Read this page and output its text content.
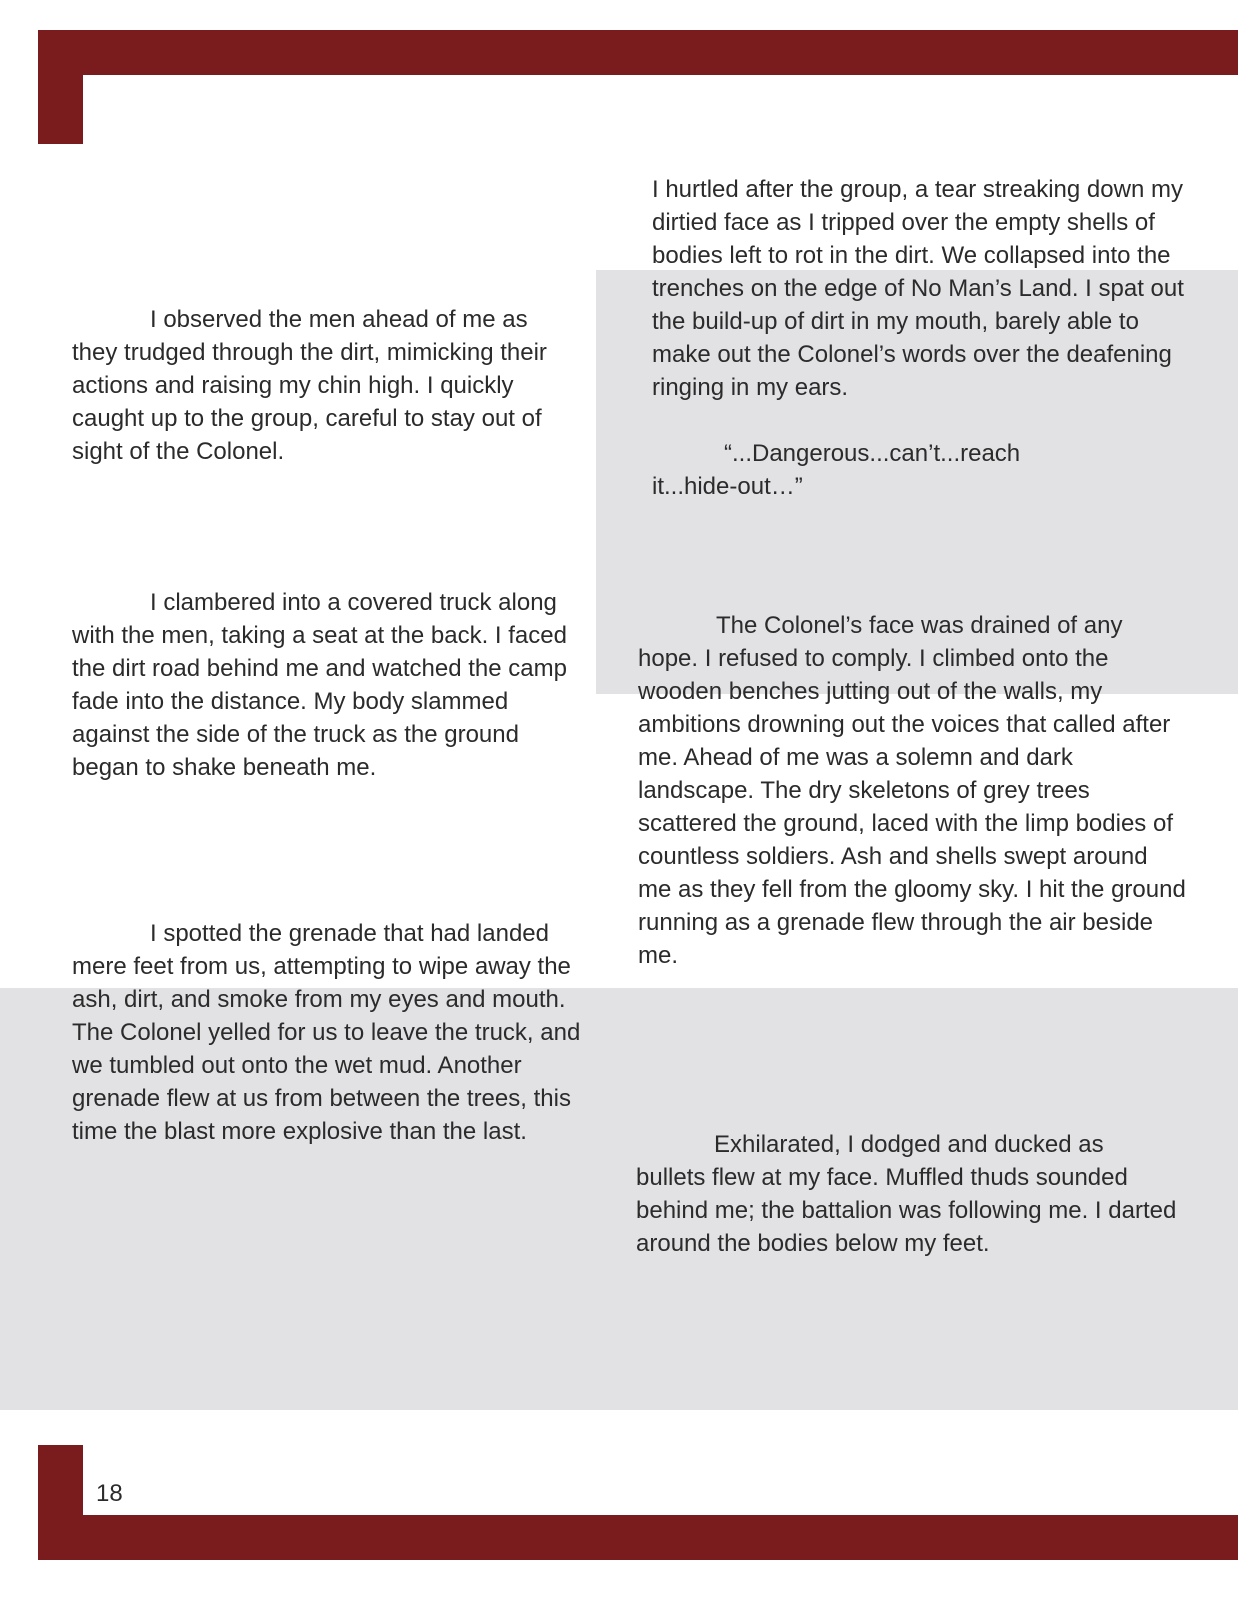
I observed the men ahead of me as they trudged through the dirt, mimicking their actions and raising my chin high. I quickly caught up to the group, careful to stay out of sight of the Colonel.

I clambered into a covered truck along with the men, taking a seat at the back. I faced the dirt road behind me and watched the camp fade into the distance. My body slammed against the side of the truck as the ground began to shake beneath me.

I spotted the grenade that had landed mere feet from us, attempting to wipe away the ash, dirt, and smoke from my eyes and mouth. The Colonel yelled for us to leave the truck, and we tumbled out onto the wet mud. Another grenade flew at us from between the trees, this time the blast more explosive than the last.

I hurtled after the group, a tear streaking down my dirtied face as I tripped over the empty shells of bodies left to rot in the dirt. We collapsed into the trenches on the edge of No Man’s Land. I spat out the build-up of dirt in my mouth, barely able to make out the Colonel’s words over the deafening ringing in my ears.

“...Dangerous...can’t...reach it...hide-out…”

The Colonel’s face was drained of any hope. I refused to comply. I climbed onto the wooden benches jutting out of the walls, my ambitions drowning out the voices that called after me. Ahead of me was a solemn and dark landscape. The dry skeletons of grey trees scattered the ground, laced with the limp bodies of countless soldiers. Ash and shells swept around me as they fell from the gloomy sky. I hit the ground running as a grenade flew through the air beside me.

Exhilarated, I dodged and ducked as bullets flew at my face. Muffled thuds sounded behind me; the battalion was following me. I darted around the bodies below my feet.

18
